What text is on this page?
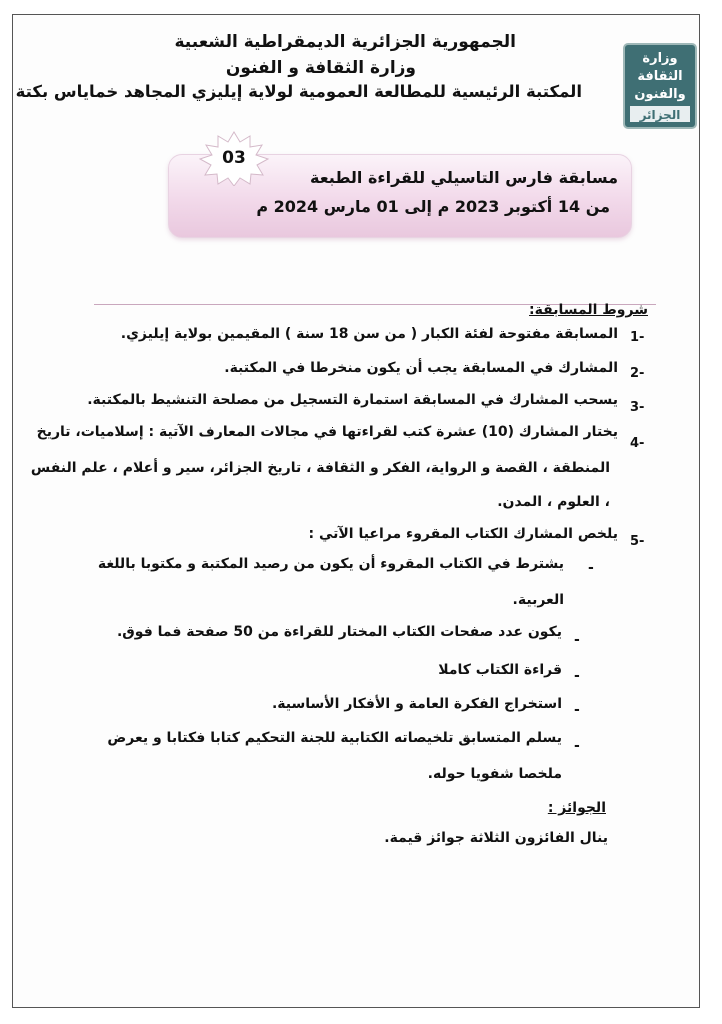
الجمهورية الجزائرية الديمقراطية الشعبية
وزارة الثقافة و الفنون
المكتبة الرئيسية للمطالعة العمومية لولاية إيليزي المجاهد خماياس بكتة
وزارة
الثقافة
والفنون
الجزائر
03
مسابقة فارس التاسيلي للقراءة الطبعة
من 14 أكتوبر 2023 م إلى 01 مارس 2024 م
شروط المسابقة:
1-
المسابقة مفتوحة لفئة الكبار ( من سن 18 سنة ) المقيمين بولاية إيليزي.
2-
المشارك في المسابقة يجب أن يكون منخرطا في المكتبة.
3-
يسحب المشارك في المسابقة استمارة التسجيل من مصلحة التنشيط بالمكتبة.
4-
يختار المشارك (10) عشرة كتب لقراءتها في مجالات المعارف الآتية : إسلاميات، تاريخ
المنطقة ، القصة و الرواية، الفكر و الثقافة ، تاريخ الجزائر، سير و أعلام ، علم النفس
، العلوم ، المدن.
5-
يلخص المشارك الكتاب المقروء مراعيا الآتي :
-
يشترط في الكتاب المقروء أن يكون من رصيد المكتبة و مكتوبا باللغة
العربية.
-
يكون عدد صفحات الكتاب المختار للقراءة من 50 صفحة فما فوق.
-
قراءة الكتاب كاملا
-
استخراج الفكرة العامة و الأفكار الأساسية.
-
يسلم المتسابق تلخيصاته الكتابية للجنة التحكيم كتابا فكتابا و يعرض
ملخصا شفويا حوله.
الجوائز :
ينال الفائزون الثلاثة جوائز قيمة.
